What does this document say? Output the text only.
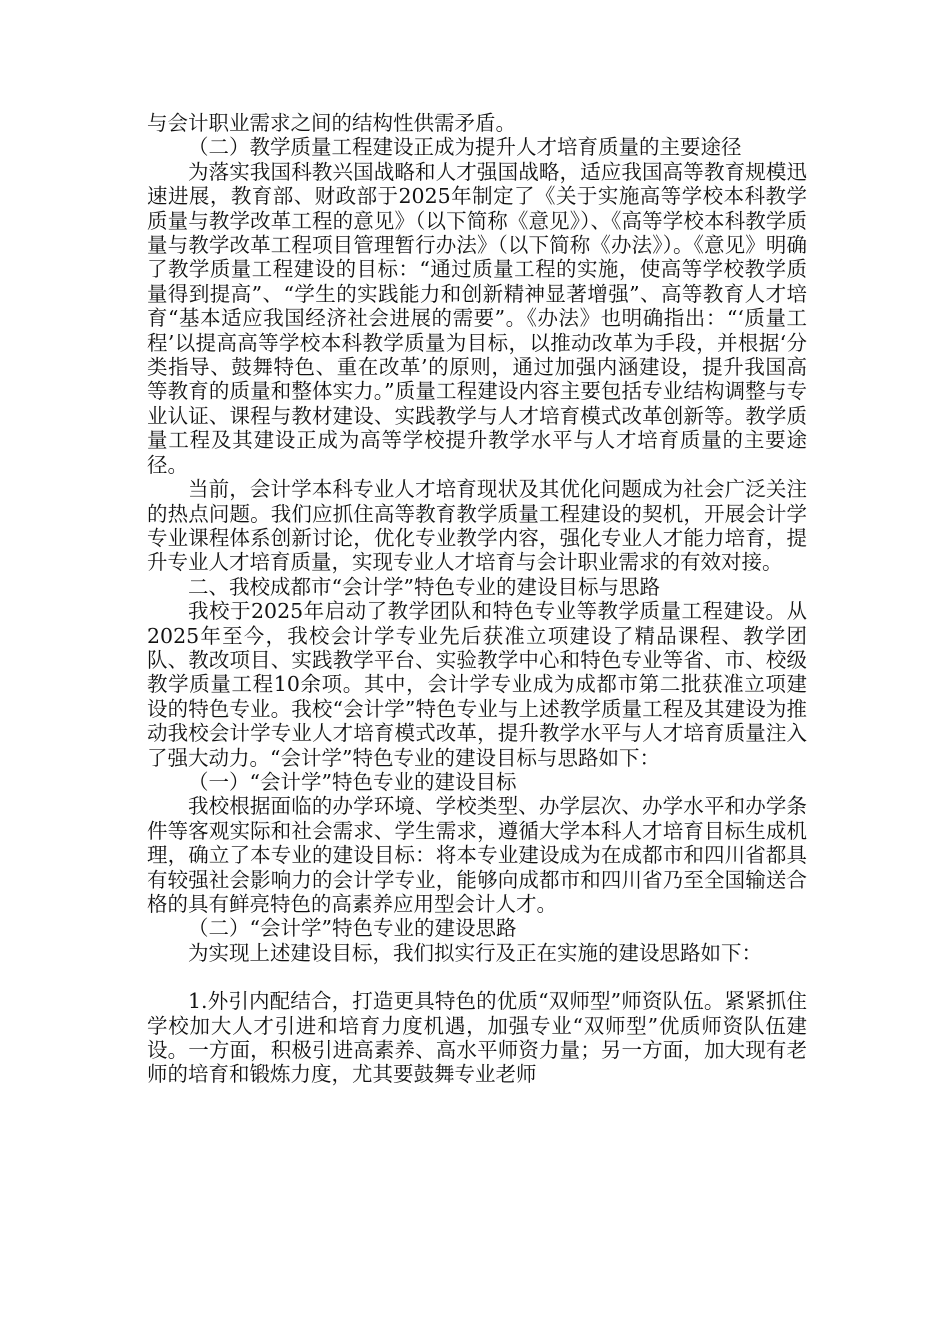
与会计职业需求之间的结构性供需矛盾。

（二）教学质量工程建设正成为提升人才培育质量的主要途径

为落实我国科教兴国战略和人才强国战略，适应我国高等教育规模迅速进展，教育部、财政部于2025年制定了《关于实施高等学校本科教学质量与教学改革工程的意见》（以下简称《意见》）、《高等学校本科教学质量与教学改革工程项目管理暂行办法》（以下简称《办法》）。《意见》明确了教学质量工程建设的目标：“通过质量工程的实施，使高等学校教学质量得到提高”、“学生的实践能力和创新精神显著增强”、高等教育人才培育“基本适应我国经济社会进展的需要”。《办法》也明确指出：“‘质量工程’以提高高等学校本科教学质量为目标，以推动改革为手段，并根据‘分类指导、鼓舞特色、重在改革’的原则，通过加强内涵建设，提升我国高等教育的质量和整体实力。”质量工程建设内容主要包括专业结构调整与专业认证、课程与教材建设、实践教学与人才培育模式改革创新等。教学质量工程及其建设正成为高等学校提升教学水平与人才培育质量的主要途径。

当前，会计学本科专业人才培育现状及其优化问题成为社会广泛关注的热点问题。我们应抓住高等教育教学质量工程建设的契机，开展会计学专业课程体系创新讨论，优化专业教学内容，强化专业人才能力培育，提升专业人才培育质量，实现专业人才培育与会计职业需求的有效对接。

二、我校成都市“会计学”特色专业的建设目标与思路

我校于2025年启动了教学团队和特色专业等教学质量工程建设。从2025年至今，我校会计学专业先后获准立项建设了精品课程、教学团队、教改项目、实践教学平台、实验教学中心和特色专业等省、市、校级教学质量工程10余项。其中，会计学专业成为成都市第二批获准立项建设的特色专业。我校“会计学”特色专业与上述教学质量工程及其建设为推动我校会计学专业人才培育模式改革，提升教学水平与人才培育质量注入了强大动力。“会计学”特色专业的建设目标与思路如下：

（一）“会计学”特色专业的建设目标

我校根据面临的办学环境、学校类型、办学层次、办学水平和办学条件等客观实际和社会需求、学生需求，遵循大学本科人才培育目标生成机理，确立了本专业的建设目标：将本专业建设成为在成都市和四川省都具有较强社会影响力的会计学专业，能够向成都市和四川省乃至全国输送合格的具有鲜亮特色的高素养应用型会计人才。

（二）“会计学”特色专业的建设思路

为实现上述建设目标，我们拟实行及正在实施的建设思路如下：

1.外引内配结合，打造更具特色的优质“双师型”师资队伍。紧紧抓住学校加大人才引进和培育力度机遇，加强专业“双师型”优质师资队伍建设。一方面，积极引进高素养、高水平师资力量；另一方面，加大现有老师的培育和锻炼力度，尤其要鼓舞专业老师
